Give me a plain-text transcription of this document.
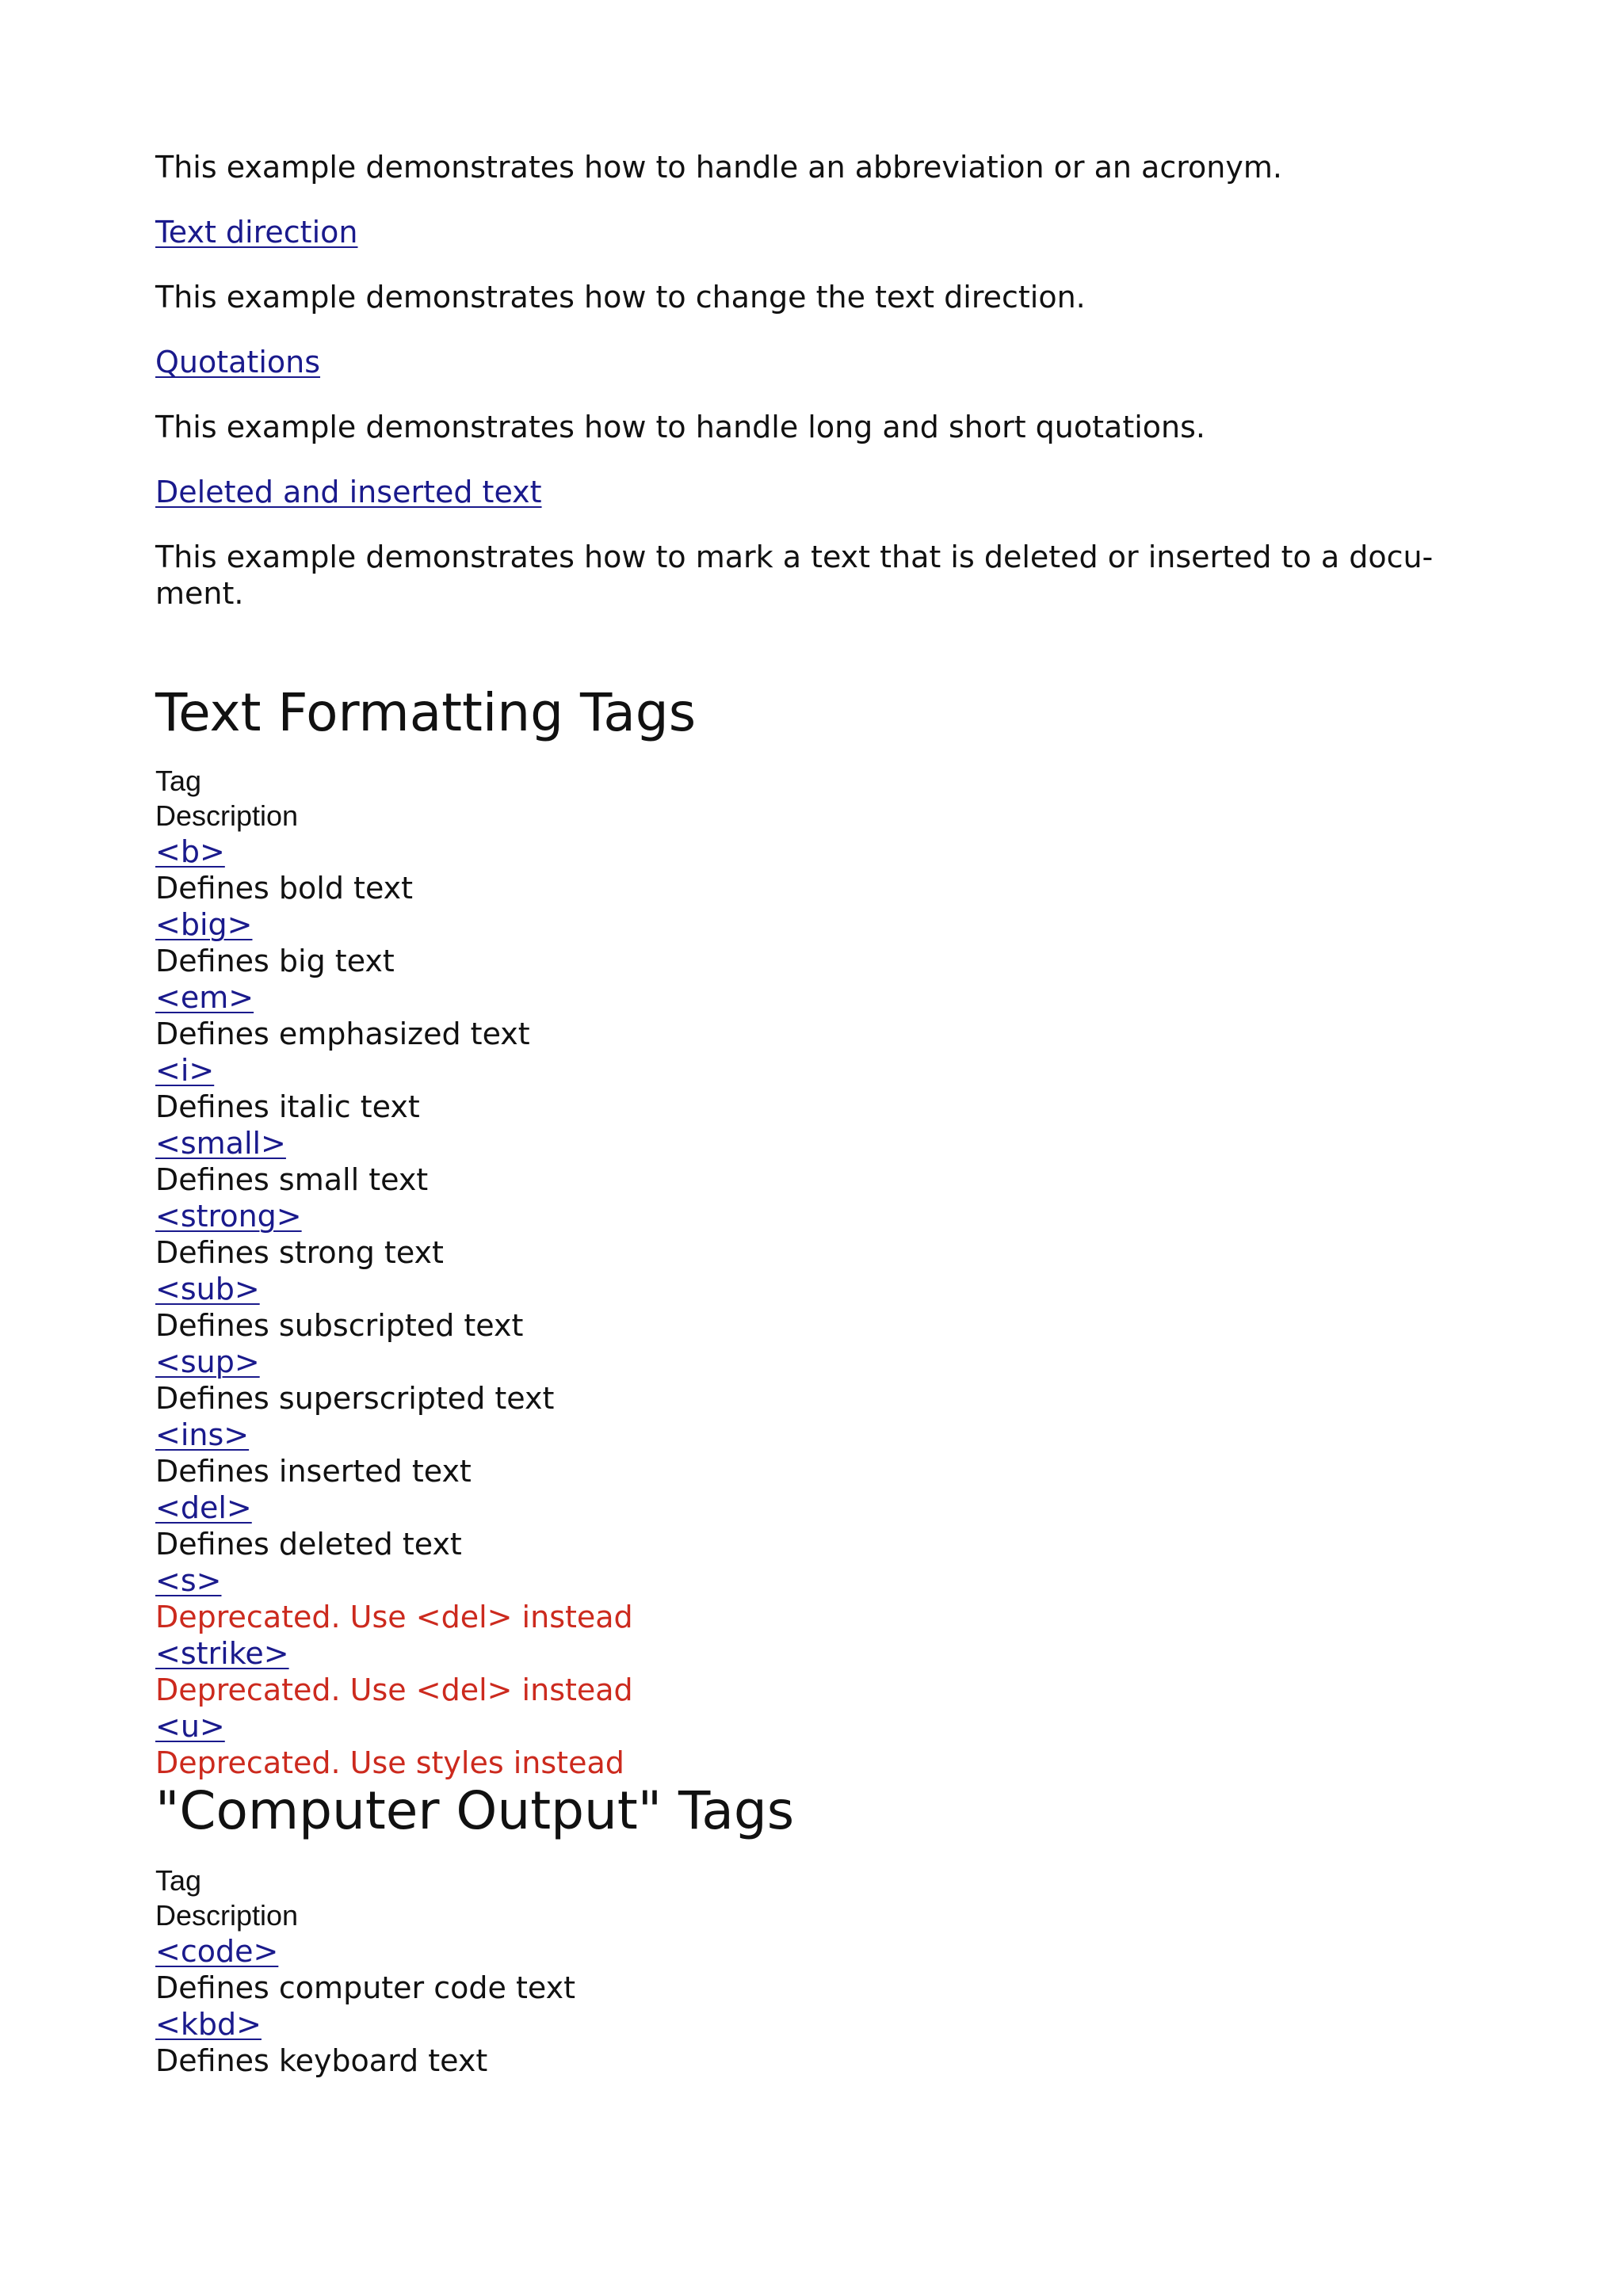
This example demonstrates how to handle an abbreviation or an acronym.

Text direction

This example demonstrates how to change the text direction.

Quotations

This example demonstrates how to handle long and short quotations.

Deleted and inserted text

This example demonstrates how to mark a text that is deleted or inserted to a docu-ment.

Text Formatting Tags
Tag
Description
<b>
Defines bold text
<big>
Defines big text
<em>
Defines emphasized text
<i>
Defines italic text
<small>
Defines small text
<strong>
Defines strong text
<sub>
Defines subscripted text
<sup>
Defines superscripted text
<ins>
Defines inserted text
<del>
Defines deleted text
<s>
Deprecated. Use <del> instead
<strike>
Deprecated. Use <del> instead
<u>
Deprecated. Use styles instead
"Computer Output" Tags
Tag
Description
<code>
Defines computer code text
<kbd>
Defines keyboard text
